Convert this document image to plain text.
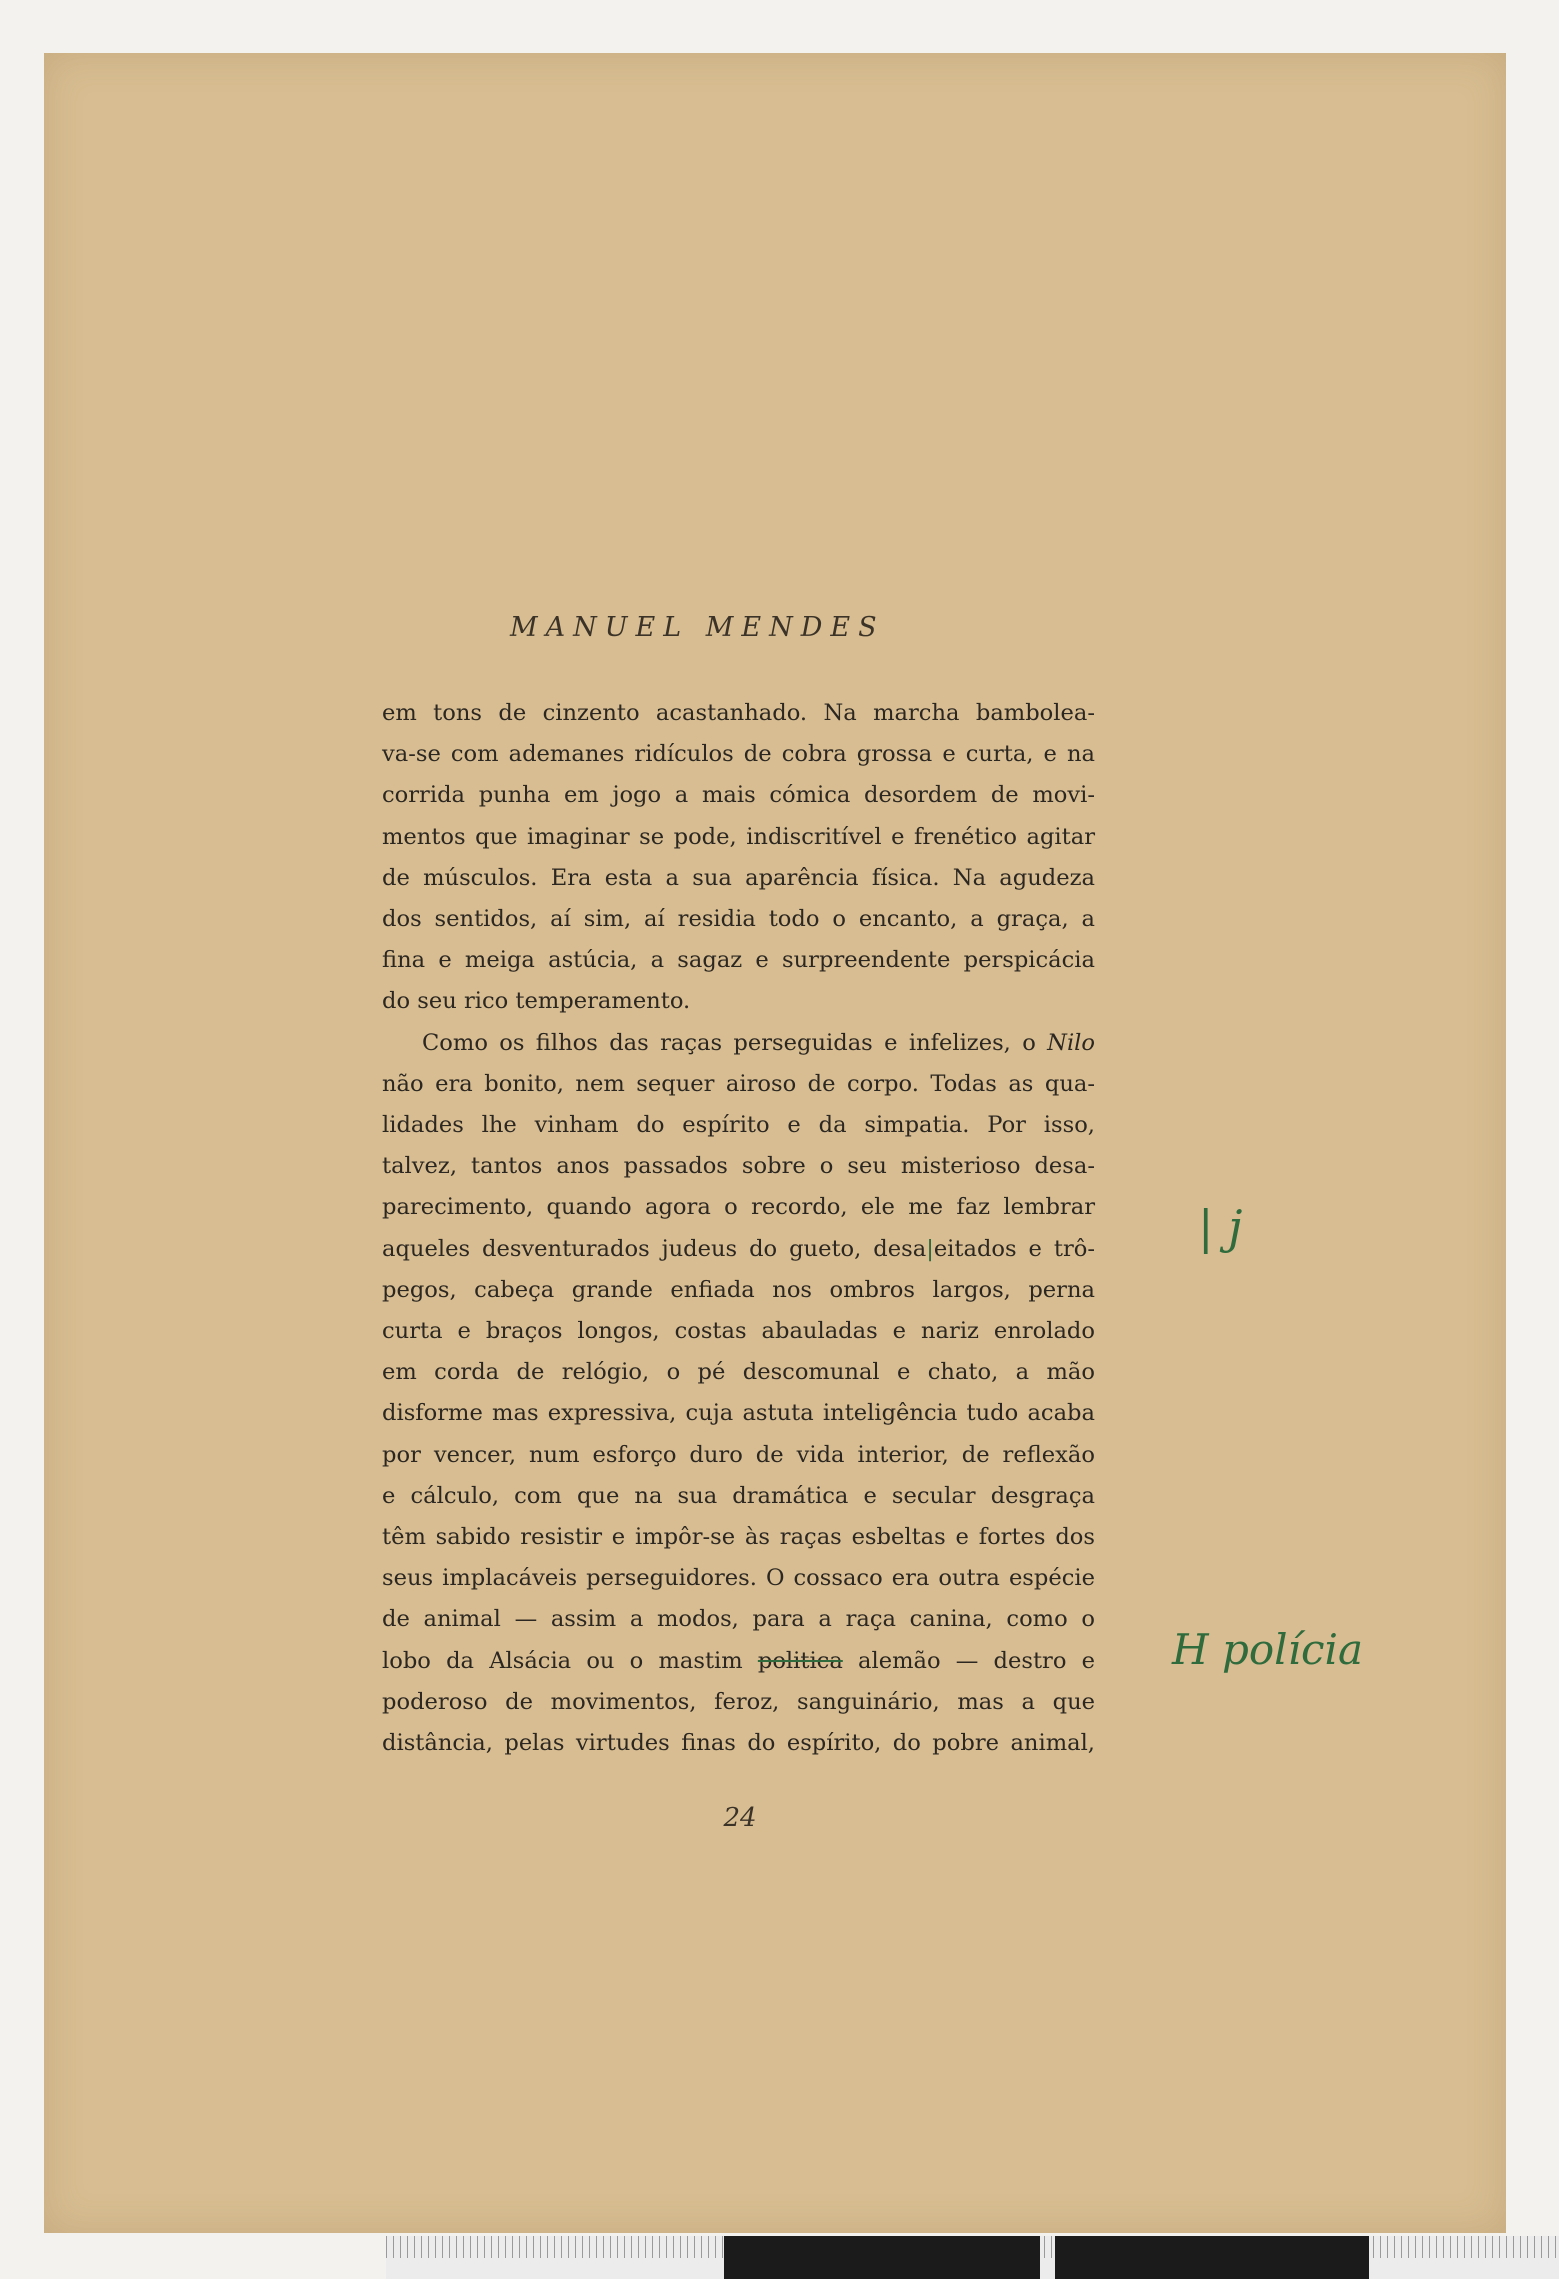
MANUEL MENDES

em tons de cinzento acastanhado. Na marcha bambolea-

va-se com ademanes ridículos de cobra grossa e curta, e na

corrida punha em jogo a mais cómica desordem de movi-

mentos que imaginar se pode, indiscritível e frenético agitar

de músculos. Era esta a sua aparência física. Na agudeza

dos sentidos, aí sim, aí residia todo o encanto, a graça, a

fina e meiga astúcia, a sagaz e surpreendente perspicácia

do seu rico temperamento.

Como os filhos das raças perseguidas e infelizes, o Nilo

não era bonito, nem sequer airoso de corpo. Todas as qua-

lidades lhe vinham do espírito e da simpatia. Por isso,

talvez, tantos anos passados sobre o seu misterioso desa-

parecimento, quando agora o recordo, ele me faz lembrar

aqueles desventurados judeus do gueto, desa|eitados e trô-

pegos, cabeça grande enfiada nos ombros largos, perna

curta e braços longos, costas abauladas e nariz enrolado

em corda de relógio, o pé descomunal e chato, a mão

disforme mas expressiva, cuja astuta inteligência tudo acaba

por vencer, num esforço duro de vida interior, de reflexão

e cálculo, com que na sua dramática e secular desgraça

têm sabido resistir e impôr-se às raças esbeltas e fortes dos

seus implacáveis perseguidores. O cossaco era outra espécie

de animal — assim a modos, para a raça canina, como o

lobo da Alsácia ou o mastim politica alemão — destro e

poderoso de movimentos, feroz, sanguinário, mas a que

distância, pelas virtudes finas do espírito, do pobre animal,

24

| j
H polícia
